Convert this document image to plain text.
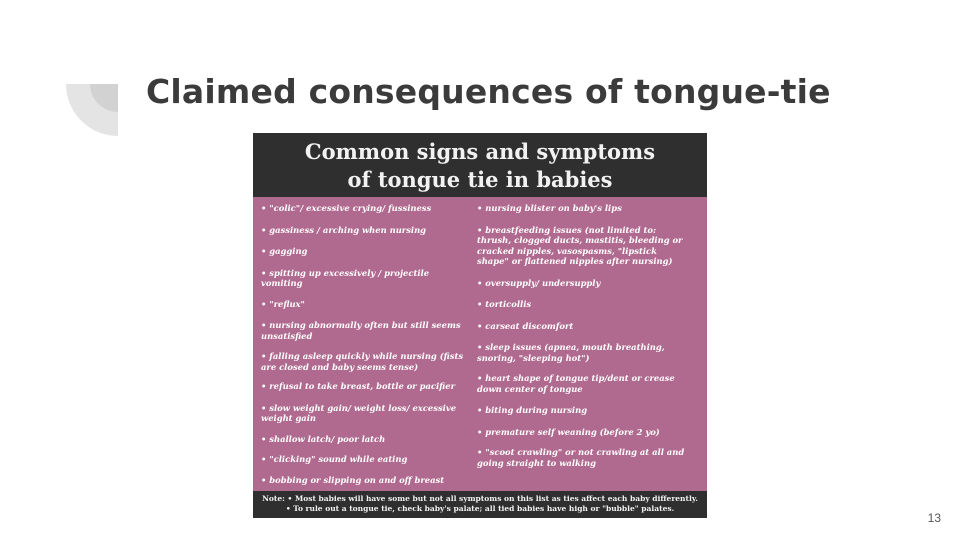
Claimed consequences of tongue-tie
Common signs and symptoms
of tongue tie in babies

• "colic"/ excessive crying/ fussiness

• gassiness / arching when nursing

• gagging

• spitting up excessively / projectile
vomiting

• "reflux"

• nursing abnormally often but still seems
unsatisfied

• falling asleep quickly while nursing (fists
are closed and baby seems tense)

• refusal to take breast, bottle or pacifier

• slow weight gain/ weight loss/ excessive
weight gain

• shallow latch/ poor latch

• "clicking" sound while eating

• bobbing or slipping on and off breast

• nursing blister on baby's lips

• breastfeeding issues (not limited to:
thrush, clogged ducts, mastitis, bleeding or
cracked nipples, vasospasms, "lipstick
shape" or flattened nipples after nursing)

• oversupply/ undersupply

• torticollis

• carseat discomfort

• sleep issues (apnea, mouth breathing,
snoring, "sleeping hot")

• heart shape of tongue tip/dent or crease
down center of tongue

• biting during nursing

• premature self weaning (before 2 yo)

• "scoot crawling" or not crawling at all and
going straight to walking

Note: • Most babies will have some but not all symptoms on this list as ties affect each baby differently.
• To rule out a tongue tie, check baby's palate; all tied babies have high or "bubble" palates.
13
